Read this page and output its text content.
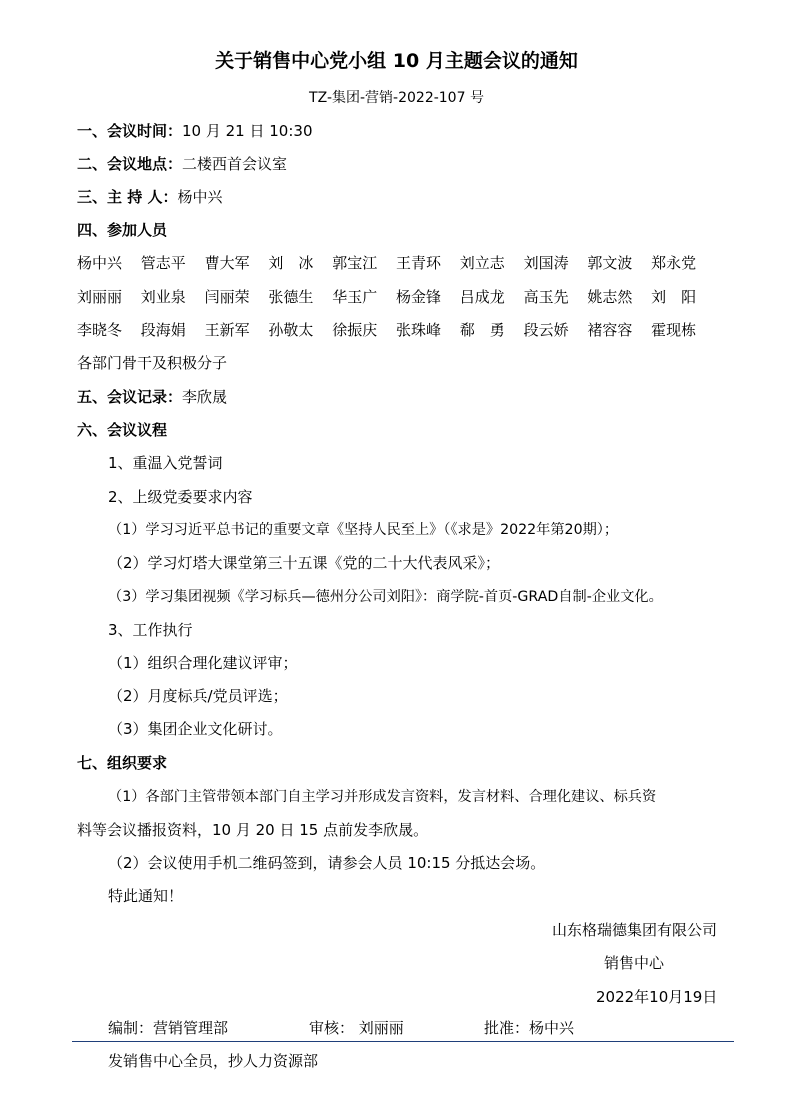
关于销售中心党小组 10 月主题会议的通知
TZ-集团-营销-2022-107 号
一、会议时间：10 月 21 日 10:30
二、会议地点：二楼西首会议室
三、主 持 人：杨中兴
四、参加人员
杨中兴 管志平 曹大军 刘　冰 郭宝江 王青环 刘立志 刘国涛 郭文波 郑永党
刘丽丽 刘业泉 闫丽荣 张德生 华玉广 杨金锋 吕成龙 高玉先 姚志然 刘　阳
李晓冬 段海娟 王新军 孙敬太 徐振庆 张珠峰 郗　勇 段云娇 褚容容 霍现栋
各部门骨干及积极分子
五、会议记录：李欣晟
六、会议议程
1、重温入党誓词
2、上级党委要求内容
（1）学习习近平总书记的重要文章《坚持人民至上》（《求是》2022年第20期）；
（2）学习灯塔大课堂第三十五课《党的二十大代表风采》；
（3）学习集团视频《学习标兵—德州分公司刘阳》：商学院-首页-GRAD自制-企业文化。
3、工作执行
（1）组织合理化建议评审；
（2）月度标兵/党员评选；
（3）集团企业文化研讨。
七、组织要求
（1）各部门主管带领本部门自主学习并形成发言资料，发言材料、合理化建议、标兵资
料等会议播报资料，10 月 20 日 15 点前发李欣晟。
（2）会议使用手机二维码签到，请参会人员 10:15 分抵达会场。
特此通知！
山东格瑞德集团有限公司
销售中心
2022年10月19日
编制：营销管理部	审核： 刘丽丽	批准：杨中兴
发销售中心全员，抄人力资源部
